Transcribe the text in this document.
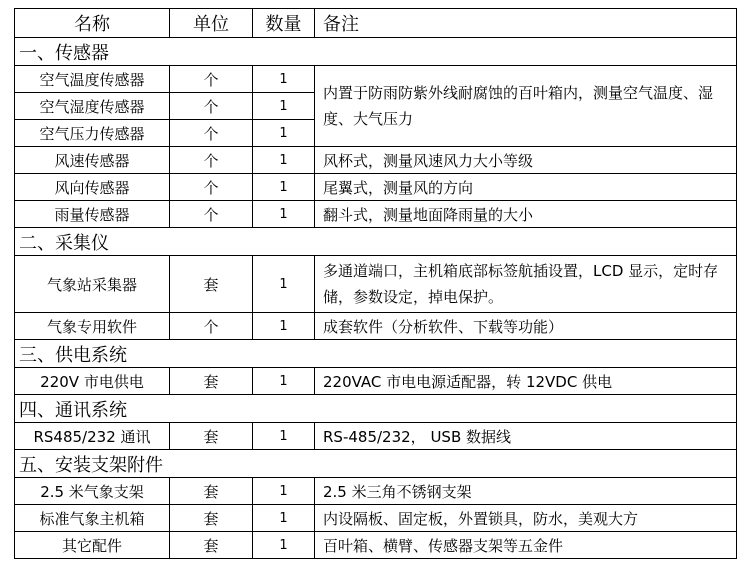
名称	单位	数量	备注
一、传感器			
空气温度传感器	个	1	内置于防雨防紫外线耐腐蚀的百叶箱内，测量空气温度、湿度、大气压力
空气湿度传感器	个	1	
空气压力传感器	个	1	
风速传感器	个	1	风杯式，测量风速风力大小等级
风向传感器	个	1	尾翼式，测量风的方向
雨量传感器	个	1	翻斗式，测量地面降雨量的大小
二、采集仪			
气象站采集器	套	1	多通道端口，主机箱底部标签航插设置，LCD 显示，定时存储，参数设定，掉电保护。
气象专用软件	个	1	成套软件（分析软件、下载等功能）
三、供电系统			
220V 市电供电	套	1	220VAC 市电电源适配器，转 12VDC 供电
四、通讯系统			
RS485/232 通讯	套	1	RS-485/232， USB 数据线
五、安装支架附件			
2.5 米气象支架	套	1	2.5 米三角不锈钢支架
标准气象主机箱	套	1	内设隔板、固定板，外置锁具，防水，美观大方
其它配件	套	1	百叶箱、横臂、传感器支架等五金件
